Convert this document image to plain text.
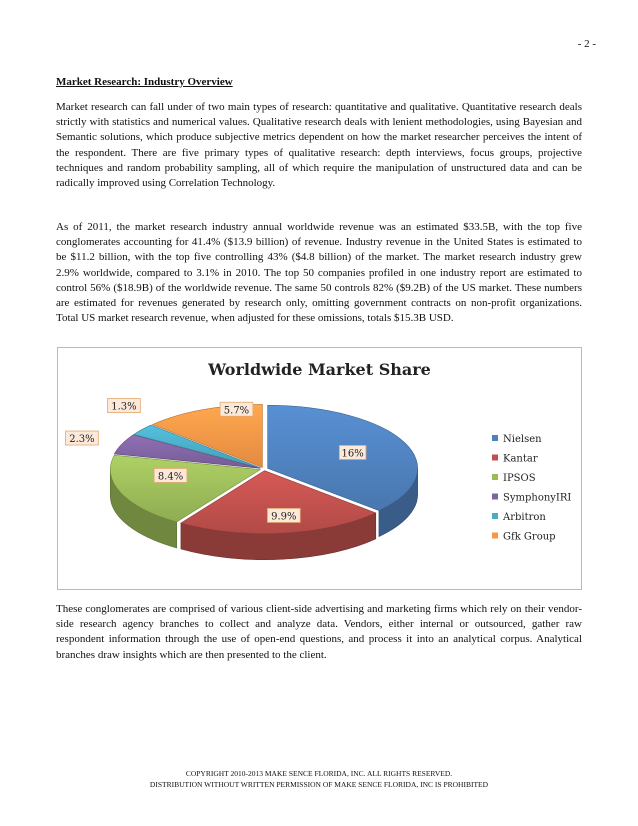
- 2 -
Market Research: Industry Overview

Market research can fall under of two main types of research: quantitative and qualitative. Quantitative research deals strictly with statistics and numerical values. Qualitative research deals with lenient methodologies, using Bayesian and Semantic solutions, which produce subjective metrics dependent on how the market researcher perceives the intent of the respondent. There are five primary types of qualitative research: depth interviews, focus groups, projective techniques and random probability sampling, all of which require the manipulation of unstructured data and can be radically improved using Correlation Technology.

As of 2011, the market research industry annual worldwide revenue was an estimated $33.5B, with the top five conglomerates accounting for 41.4% ($13.9 billion) of revenue. Industry revenue in the United States is estimated to be $11.2 billion, with the top five controlling 43% ($4.8 billion) of the market. The market research industry grew 2.9% worldwide, compared to 3.1% in 2010. The top 50 companies profiled in one industry report are estimated to control 56% ($18.9B) of the worldwide revenue. The same 50 controls 82% ($9.2B) of the US market. These numbers are estimated for revenues generated by research only, omitting government contracts on non-profit organizations. Total US market research revenue, when adjusted for these omissions, totals $15.3B USD.

Worldwide Market Share
16%
9.9%
8.4%
2.3%
1.3%	5.7%
Nielsen
Kantar
IPSOS
SymphonyIRI
Arbitron
Gfk Group

These conglomerates are comprised of various client-side advertising and marketing firms which rely on their vendor-side research agency branches to collect and analyze data. Vendors, either internal or outsourced, gather raw respondent information through the use of open-end questions, and process it into an analytical corpus. Analytical branches draw insights which are then presented to the client.

COPYRIGHT 2010-2013 MAKE SENCE FLORIDA, INC. ALL RIGHTS RESERVED.
DISTRIBUTION WITHOUT WRITTEN PERMISSION OF MAKE SENCE FLORIDA, INC IS PROHIBITED
